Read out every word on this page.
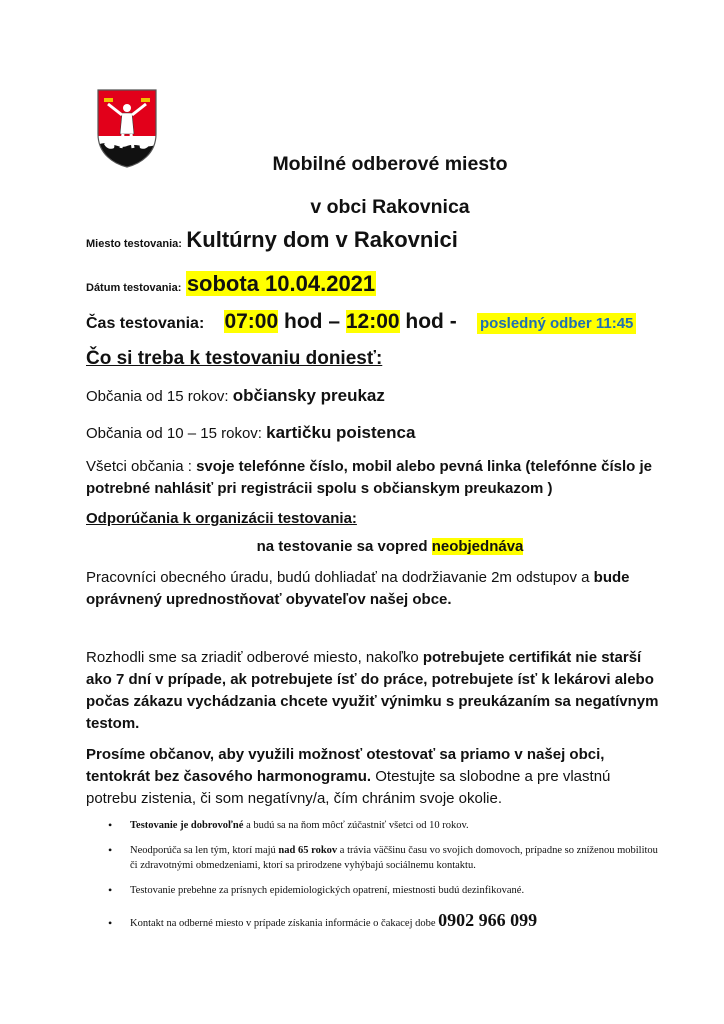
Mobilné odberové miesto
v obci Rakovnica
Miesto testovania: Kultúrny dom v Rakovnici
Dátum testovania: sobota 10.04.2021
Čas testovania: 07:00 hod – 12:00 hod -  posledný odber 11:45
Čo si treba k testovaniu doniesť:
Občania od 15 rokov: občiansky preukaz
Občania od 10 – 15 rokov: kartičku poistenca
Všetci občania : svoje telefónne číslo, mobil alebo pevná linka (telefónne číslo je potrebné nahlásiť pri registrácii spolu s občianskym preukazom )
Odporúčania k organizácii testovania:
na testovanie sa vopred neobjednáva
Pracovníci obecného úradu, budú dohliadať na dodržiavanie 2m odstupov a bude oprávnený uprednostňovať obyvateľov našej obce.
Rozhodli sme sa zriadiť odberové miesto, nakoľko potrebujete certifikát nie starší ako 7 dní v prípade, ak potrebujete ísť do práce, potrebujete ísť k lekárovi alebo počas zákazu vychádzania chcete využiť výnimku s preukázaním sa negatívnym testom.
Prosíme občanov, aby využili možnosť otestovať sa priamo v našej obci, tentokrát bez časového harmonogramu. Otestujte sa slobodne a pre vlastnú potrebu zistenia, či som negatívny/a, čím chránim svoje okolie.
• Testovanie je dobrovoľné a budú sa na ňom môcť zúčastniť všetci od 10 rokov.
• Neodporúča sa len tým, ktorí majú nad 65 rokov a trávia väčšinu času vo svojich domovoch, prípadne so zníženou mobilitou či zdravotnými obmedzeniami, ktorí sa prirodzene vyhýbajú sociálnemu kontaktu.
• Testovanie prebehne za prísnych epidemiologických opatrení, miestnosti budú dezinfikované.
• Kontakt na odberné miesto v prípade získania informácie o čakacej dobe 0902 966 099
